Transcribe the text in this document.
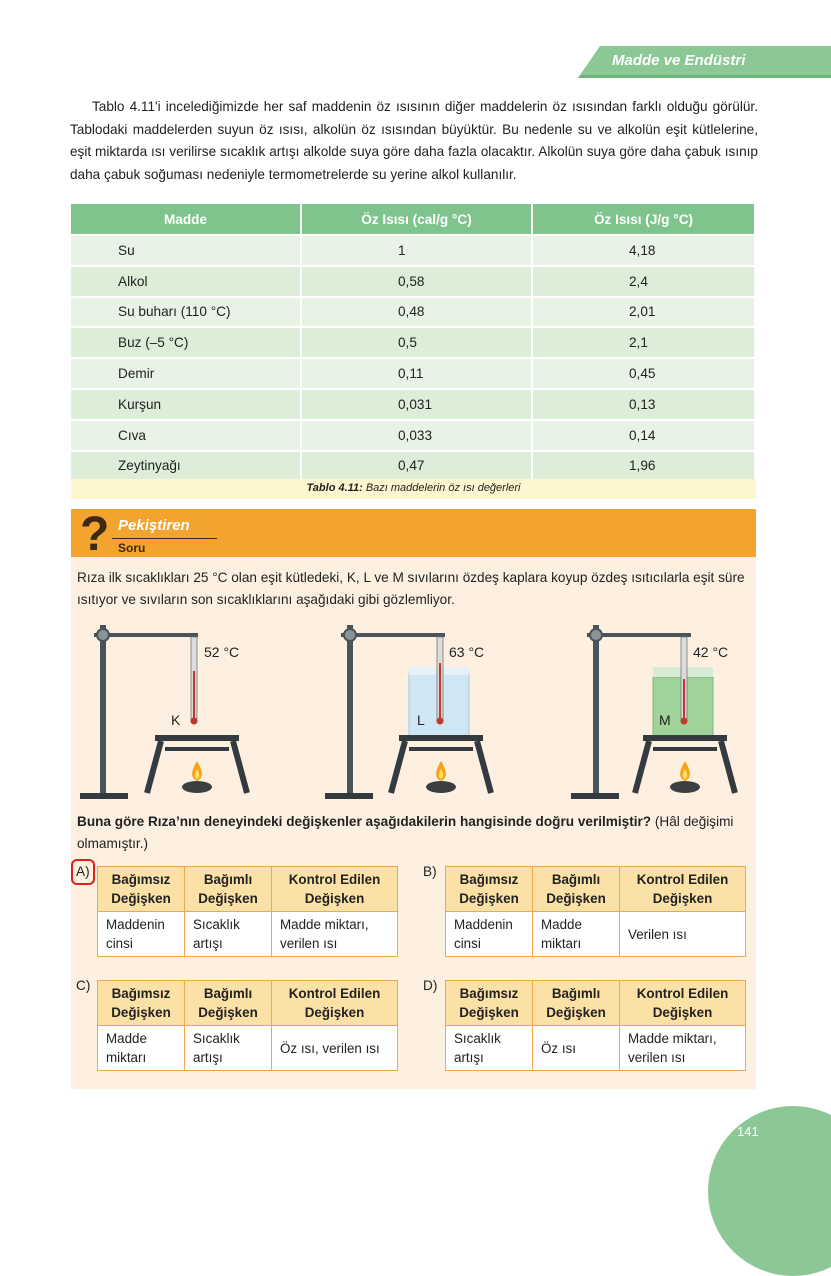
Madde ve Endüstri
Tablo 4.11'i incelediğimizde her saf maddenin öz ısısının diğer maddelerin öz ısısından farklı olduğu görülür. Tablodaki maddelerden suyun öz ısısı, alkolün öz ısısından büyüktür. Bu nedenle su ve alkolün eşit kütlelerine, eşit miktarda ısı verilirse sıcaklık artışı alkolde suya göre daha fazla olacaktır. Alkolün suya göre daha çabuk ısınıp daha çabuk soğuması nedeniyle termometrelerde su yerine alkol kullanılır.
Madde	Öz Isısı (cal/g °C)	Öz Isısı (J/g °C)
Su	1	4,18
Alkol	0,58	2,4
Su buharı (110 °C)	0,48	2,01
Buz (–5 °C)	0,5	2,1
Demir	0,11	0,45
Kurşun	0,031	0,13
Cıva	0,033	0,14
Zeytinyağı	0,47	1,96
Tablo 4.11: Bazı maddelerin öz ısı değerleri
? Pekiştiren
Soru
Rıza ilk sıcaklıkları 25 °C olan eşit kütledeki, K, L ve M sıvılarını özdeş kaplara koyup özdeş ısıtıcılarla eşit süre ısıtıyor ve sıvıların son sıcaklıklarını aşağıdaki gibi gözlemliyor.
52 °C
K
63 °C
L
42 °C
M
Buna göre Rıza’nın deneyindeki değişkenler aşağıdakilerin hangisinde doğru verilmiştir? (Hâl değişimi olmamıştır.)
A)
Bağımsız Değişken	Bağımlı Değişken	Kontrol Edilen Değişken
Maddenin cinsi	Sıcaklık artışı	Madde miktarı, verilen ısı
B)
Bağımsız Değişken	Bağımlı Değişken	Kontrol Edilen Değişken
Maddenin cinsi	Madde miktarı	Verilen ısı
C)
Bağımsız Değişken	Bağımlı Değişken	Kontrol Edilen Değişken
Madde miktarı	Sıcaklık artışı	Öz ısı, verilen ısı
D)
Bağımsız Değişken	Bağımlı Değişken	Kontrol Edilen Değişken
Sıcaklık artışı	Öz ısı	Madde miktarı, verilen ısı
141
